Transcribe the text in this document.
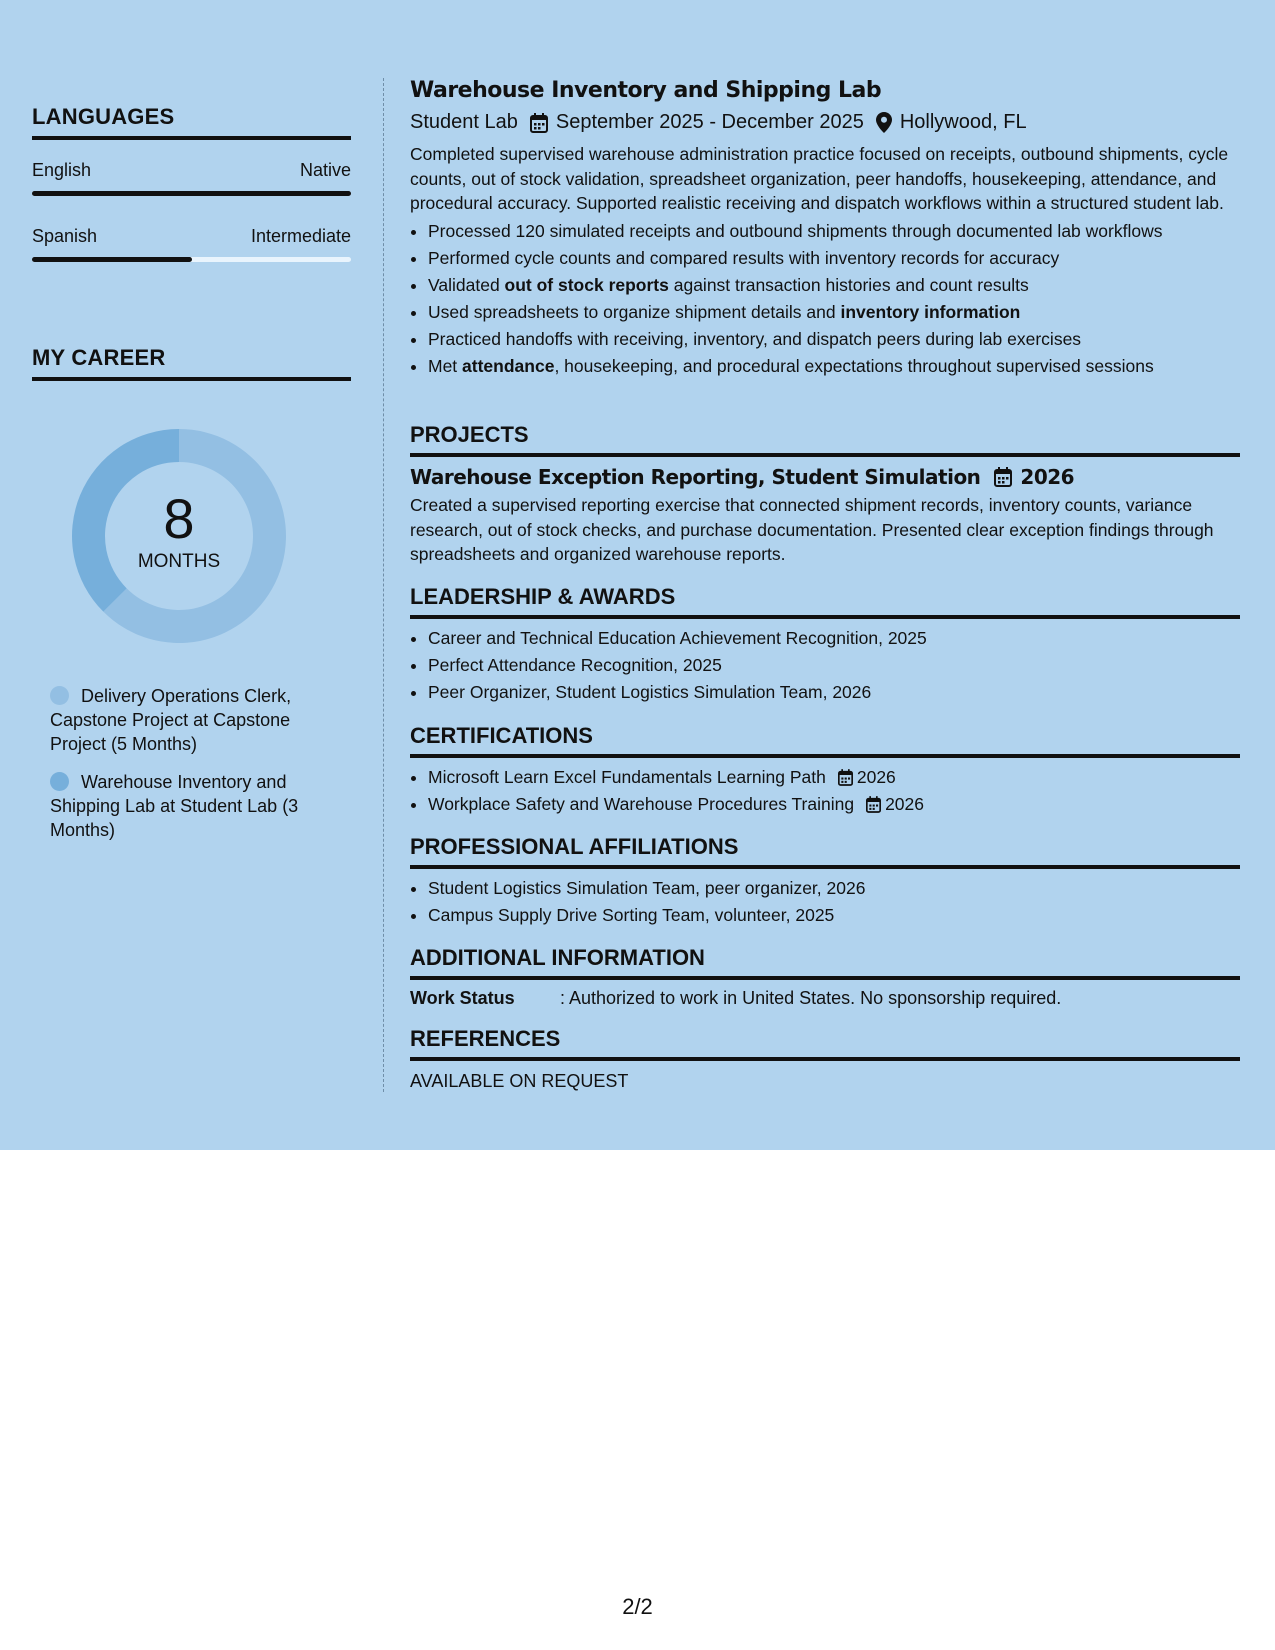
LANGUAGES
English	Native
Spanish	Intermediate
MY CAREER
8
MONTHS
Delivery Operations Clerk, Capstone Project at Capstone Project (5 Months)
Warehouse Inventory and Shipping Lab at Student Lab (3 Months)
Warehouse Inventory and Shipping Lab
Student Lab September 2025 - December 2025 Hollywood, FL
Completed supervised warehouse administration practice focused on receipts, outbound shipments, cycle counts, out of stock validation, spreadsheet organization, peer handoffs, housekeeping, attendance, and procedural accuracy. Supported realistic receiving and dispatch workflows within a structured student lab.
• Processed 120 simulated receipts and outbound shipments through documented lab workflows
• Performed cycle counts and compared results with inventory records for accuracy
• Validated out of stock reports against transaction histories and count results
• Used spreadsheets to organize shipment details and inventory information
• Practiced handoffs with receiving, inventory, and dispatch peers during lab exercises
• Met attendance, housekeeping, and procedural expectations throughout supervised sessions
PROJECTS
Warehouse Exception Reporting, Student Simulation 2026
Created a supervised reporting exercise that connected shipment records, inventory counts, variance research, out of stock checks, and purchase documentation. Presented clear exception findings through spreadsheets and organized warehouse reports.
LEADERSHIP & AWARDS
• Career and Technical Education Achievement Recognition, 2025
• Perfect Attendance Recognition, 2025
• Peer Organizer, Student Logistics Simulation Team, 2026
CERTIFICATIONS
• Microsoft Learn Excel Fundamentals Learning Path 2026
• Workplace Safety and Warehouse Procedures Training 2026
PROFESSIONAL AFFILIATIONS
• Student Logistics Simulation Team, peer organizer, 2026
• Campus Supply Drive Sorting Team, volunteer, 2025
ADDITIONAL INFORMATION
Work Status	: Authorized to work in United States. No sponsorship required.
REFERENCES
AVAILABLE ON REQUEST
2/2
